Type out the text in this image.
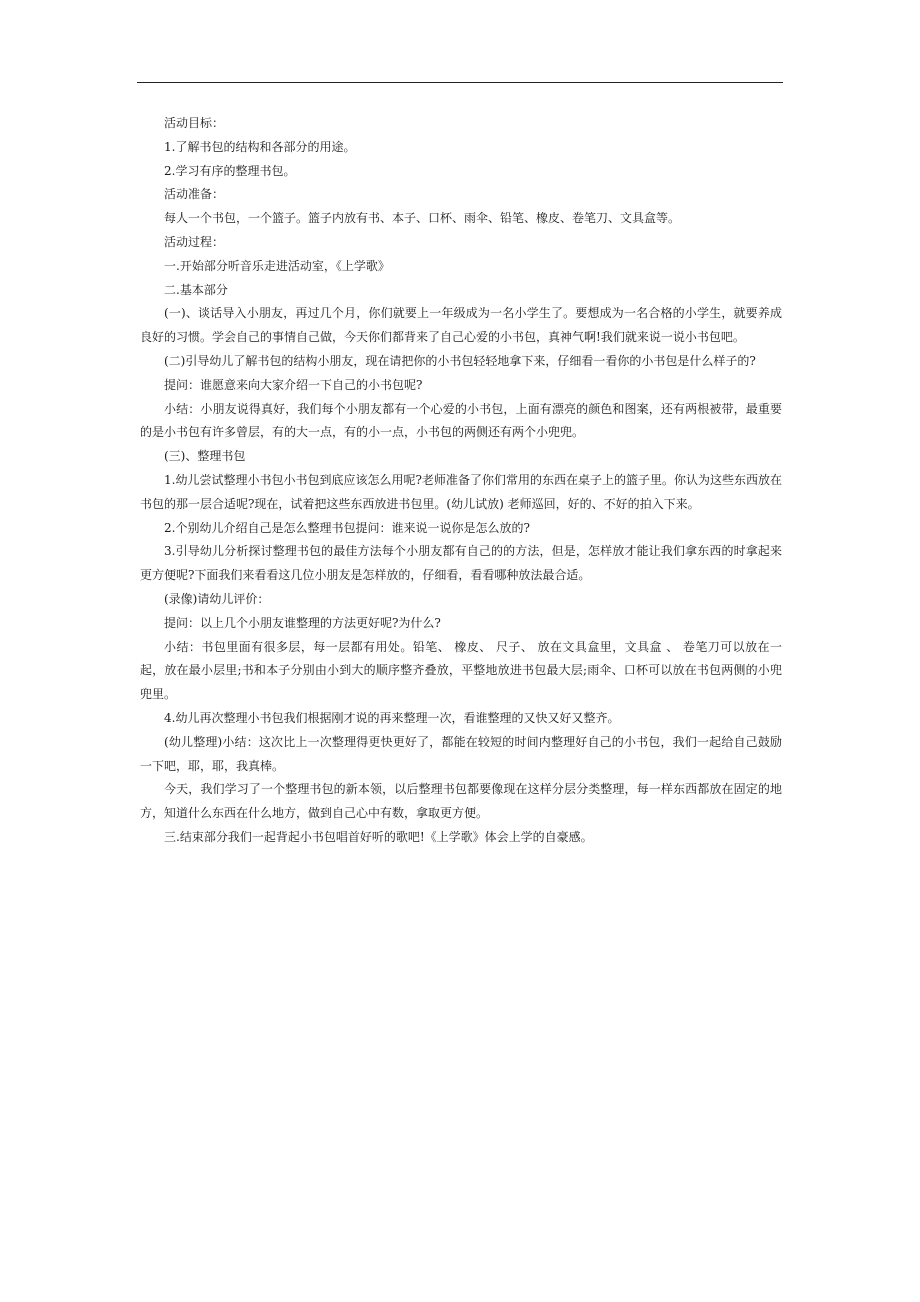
活动目标：

1.了解书包的结构和各部分的用途。

2.学习有序的整理书包。

活动准备：

每人一个书包，一个篮子。篮子内放有书、本子、口杯、雨伞、铅笔、橡皮、卷笔刀、文具盒等。

活动过程：

一.开始部分听音乐走进活动室，《上学歌》

二.基本部分

(一)、谈话导入小朋友，再过几个月，你们就要上一年级成为一名小学生了。要想成为一名合格的小学生，就要养成良好的习惯。学会自己的事情自己做，今天你们都背来了自己心爱的小书包，真神气啊!我们就来说一说小书包吧。

(二)引导幼儿了解书包的结构小朋友，现在请把你的小书包轻轻地拿下来，仔细看一看你的小书包是什么样子的?

提问：谁愿意来向大家介绍一下自己的小书包呢?

小结：小朋友说得真好，我们每个小朋友都有一个心爱的小书包，上面有漂亮的颜色和图案，还有两根被带，最重要的是小书包有许多曾层，有的大一点，有的小一点，小书包的两侧还有两个小兜兜。

(三)、整理书包

1.幼儿尝试整理小书包小书包到底应该怎么用呢?老师准备了你们常用的东西在桌子上的篮子里。你认为这些东西放在书包的那一层合适呢?现在，试着把这些东西放进书包里。(幼儿试放) 老师巡回，好的、不好的拍入下来。

2.个别幼儿介绍自己是怎么整理书包提问：谁来说一说你是怎么放的?

3.引导幼儿分析探讨整理书包的最佳方法每个小朋友都有自己的的方法，但是，怎样放才能让我们拿东西的时拿起来更方便呢?下面我们来看看这几位小朋友是怎样放的，仔细看，看看哪种放法最合适。

(录像)请幼儿评价：

提问：以上几个小朋友谁整理的方法更好呢?为什么?

小结：书包里面有很多层，每一层都有用处。铅笔、 橡皮、 尺子、 放在文具盒里，文具盒 、 卷笔刀可以放在一起，放在最小层里;书和本子分别由小到大的顺序整齐叠放，平整地放进书包最大层;雨伞、口杯可以放在书包两侧的小兜兜里。

4.幼儿再次整理小书包我们根据刚才说的再来整理一次，看谁整理的又快又好又整齐。

(幼儿整理)小结：这次比上一次整理得更快更好了，都能在较短的时间内整理好自己的小书包，我们一起给自己鼓励一下吧，耶，耶，我真棒。

今天，我们学习了一个整理书包的新本领，以后整理书包都要像现在这样分层分类整理，每一样东西都放在固定的地方，知道什么东西在什么地方，做到自己心中有数，拿取更方便。

三.结束部分我们一起背起小书包唱首好听的歌吧!《上学歌》体会上学的自豪感。
